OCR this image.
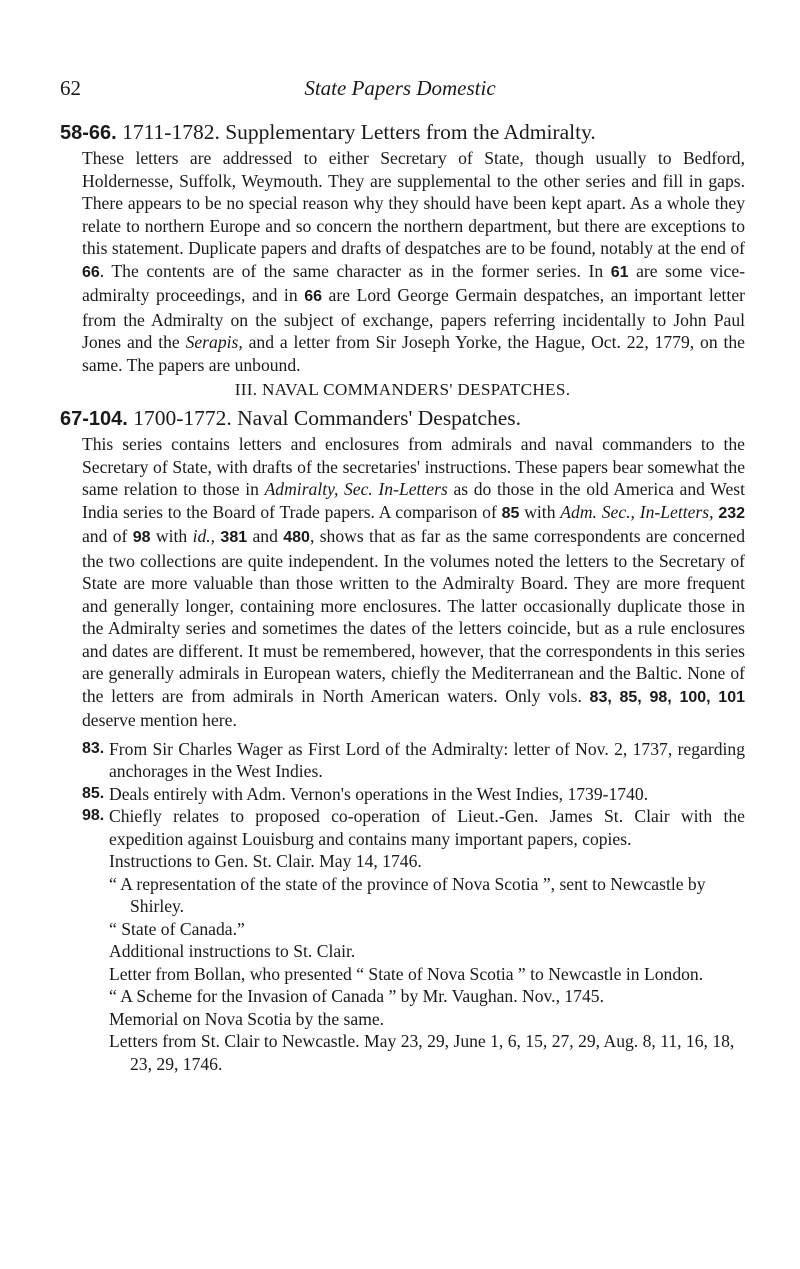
62	State Papers Domestic

58-66. 1711-1782. Supplementary Letters from the Admiralty.

These letters are addressed to either Secretary of State, though usually to Bedford, Holdernesse, Suffolk, Weymouth. They are supplemental to the other series and fill in gaps. There appears to be no special reason why they should have been kept apart. As a whole they relate to northern Europe and so concern the northern department, but there are exceptions to this statement. Duplicate papers and drafts of despatches are to be found, notably at the end of 66. The contents are of the same character as in the former series. In 61 are some vice-admiralty proceedings, and in 66 are Lord George Germain despatches, an important letter from the Admiralty on the subject of exchange, papers referring incidentally to John Paul Jones and the Serapis, and a letter from Sir Joseph Yorke, the Hague, Oct. 22, 1779, on the same. The papers are unbound.

III. NAVAL COMMANDERS' DESPATCHES.

67-104. 1700-1772. Naval Commanders' Despatches.

This series contains letters and enclosures from admirals and naval commanders to the Secretary of State, with drafts of the secretaries' instructions. These papers bear somewhat the same relation to those in Admiralty, Sec. In-Letters as do those in the old America and West India series to the Board of Trade papers. A comparison of 85 with Adm. Sec., In-Letters, 232 and of 98 with id., 381 and 480, shows that as far as the same correspondents are concerned the two collections are quite independent. In the volumes noted the letters to the Secretary of State are more valuable than those written to the Admiralty Board. They are more frequent and generally longer, containing more enclosures. The latter occasionally duplicate those in the Admiralty series and sometimes the dates of the letters coincide, but as a rule enclosures and dates are different. It must be remembered, however, that the correspondents in this series are generally admirals in European waters, chiefly the Mediterranean and the Baltic. None of the letters are from admirals in North American waters. Only vols. 83, 85, 98, 100, 101 deserve mention here.

83. From Sir Charles Wager as First Lord of the Admiralty: letter of Nov. 2, 1737, regarding anchorages in the West Indies.

85. Deals entirely with Adm. Vernon's operations in the West Indies, 1739-1740.

98. Chiefly relates to proposed co-operation of Lieut.-Gen. James St. Clair with the expedition against Louisburg and contains many important papers, copies.

Instructions to Gen. St. Clair. May 14, 1746.
“ A representation of the state of the province of Nova Scotia ”, sent to Newcastle by Shirley.
“ State of Canada.”
Additional instructions to St. Clair.
Letter from Bollan, who presented “ State of Nova Scotia ” to Newcastle in London.
“ A Scheme for the Invasion of Canada ” by Mr. Vaughan. Nov., 1745.
Memorial on Nova Scotia by the same.
Letters from St. Clair to Newcastle. May 23, 29, June 1, 6, 15, 27, 29, Aug. 8, 11, 16, 18, 23, 29, 1746.
